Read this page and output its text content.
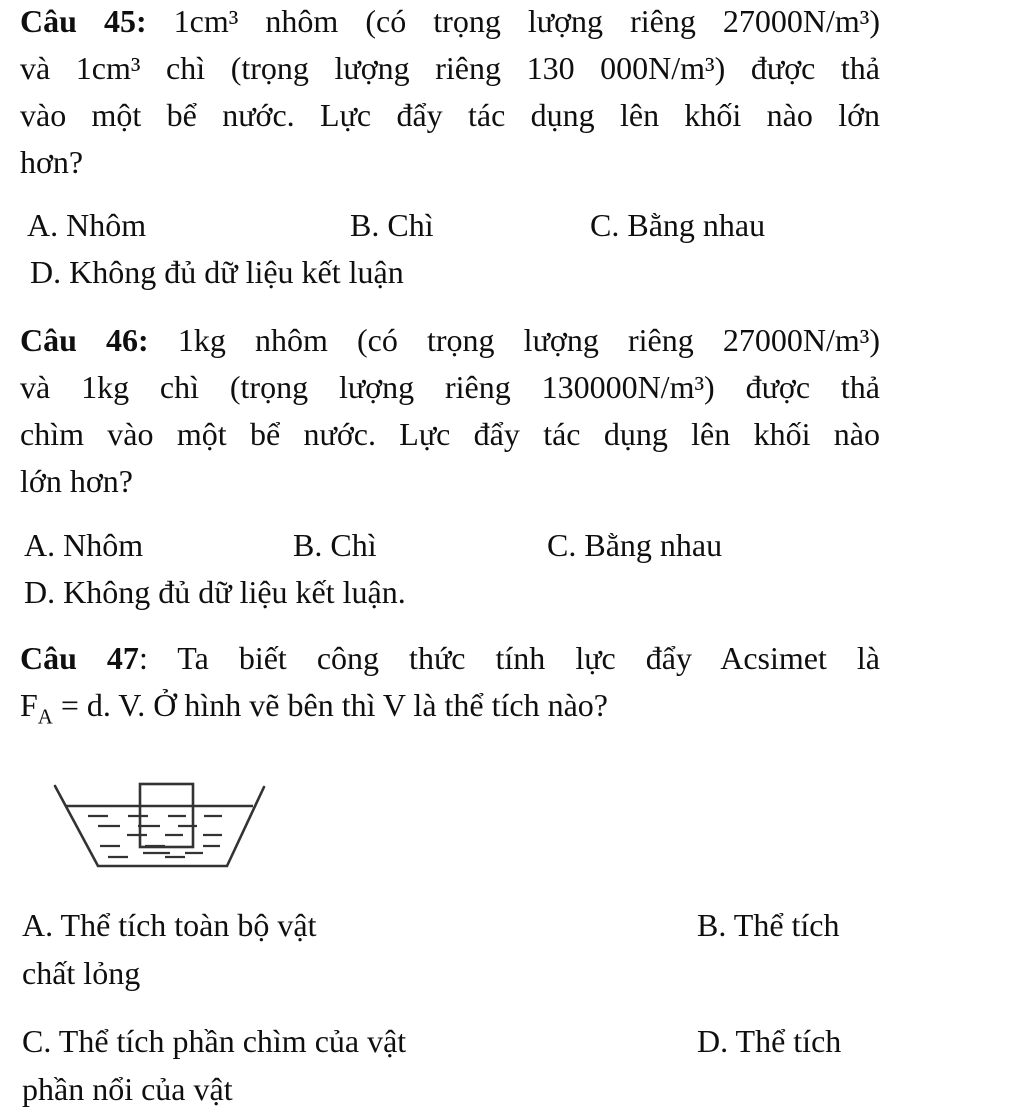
Câu 45: 1cm³ nhôm (có trọng lượng riêng 27000N/m³)
và 1cm³ chì (trọng lượng riêng 130 000N/m³) được thả
vào một bể nước. Lực đẩy tác dụng lên khối nào lớn
hơn?
A. Nhôm	B. Chì	C. Bằng nhau
D. Không đủ dữ liệu kết luận
Câu 46: 1kg nhôm (có trọng lượng riêng 27000N/m³)
và 1kg chì (trọng lượng riêng 130000N/m³) được thả
chìm vào một bể nước. Lực đẩy tác dụng lên khối nào
lớn hơn?
A. Nhôm	B. Chì	C. Bằng nhau
D. Không đủ dữ liệu kết luận.
Câu 47: Ta biết công thức tính lực đẩy Acsimet là
$F_A = d$. V. Ở hình vẽ bên thì V là thể tích nào?
A. Thể tích toàn bộ vật	B. Thể tích
chất lỏng
C. Thể tích phần chìm của vật	D. Thể tích
phần nổi của vật
